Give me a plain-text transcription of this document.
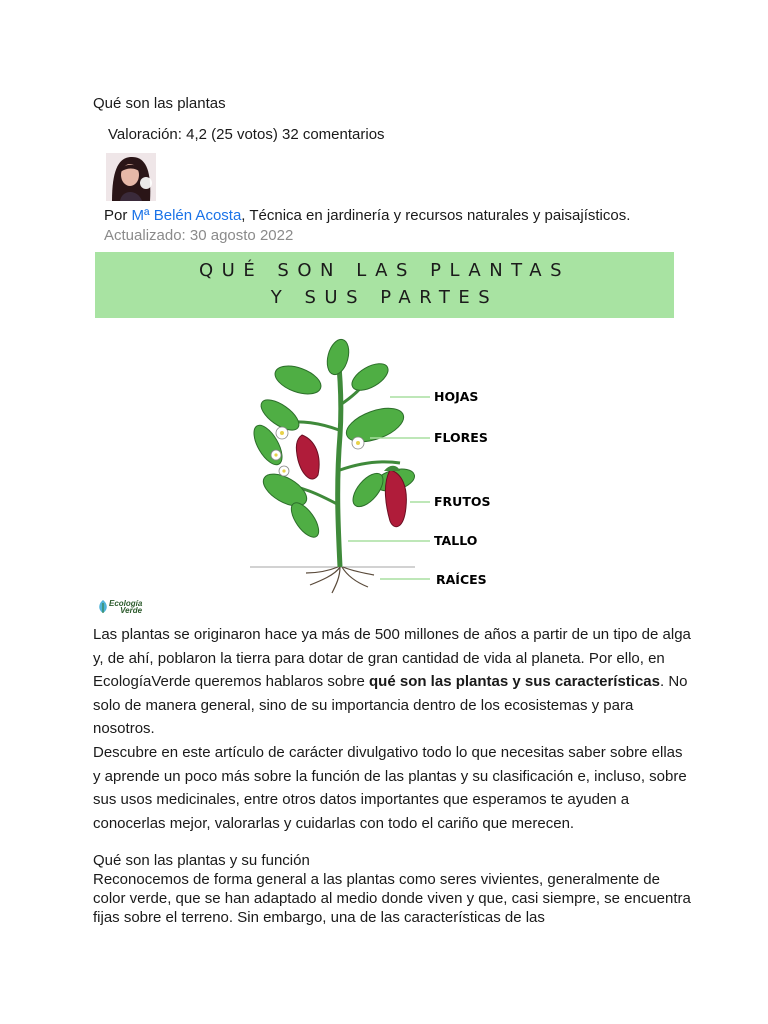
Qué son las plantas
Valoración: 4,2 (25 votos) 32 comentarios
Por Mª Belén Acosta, Técnica en jardinería y recursos naturales y paisajísticos.
Actualizado: 30 agosto 2022
QUÉ SON LAS PLANTAS
Y SUS PARTES
HOJAS
FLORES
FRUTOS
TALLO
RAÍCES
Ecología
Verde
Las plantas se originaron hace ya más de 500 millones de años a partir de un tipo de alga y, de ahí, poblaron la tierra para dotar de gran cantidad de vida al planeta. Por ello, en EcologíaVerde queremos hablaros sobre qué son las plantas y sus características. No solo de manera general, sino de su importancia dentro de los ecosistemas y para nosotros.
Descubre en este artículo de carácter divulgativo todo lo que necesitas saber sobre ellas y aprende un poco más sobre la función de las plantas y su clasificación e, incluso, sobre sus usos medicinales, entre otros datos importantes que esperamos te ayuden a conocerlas mejor, valorarlas y cuidarlas con todo el cariño que merecen.
Qué son las plantas y su función
Reconocemos de forma general a las plantas como seres vivientes, generalmente de color verde, que se han adaptado al medio donde viven y que, casi siempre, se encuentra fijas sobre el terreno. Sin embargo, una de las características de las
